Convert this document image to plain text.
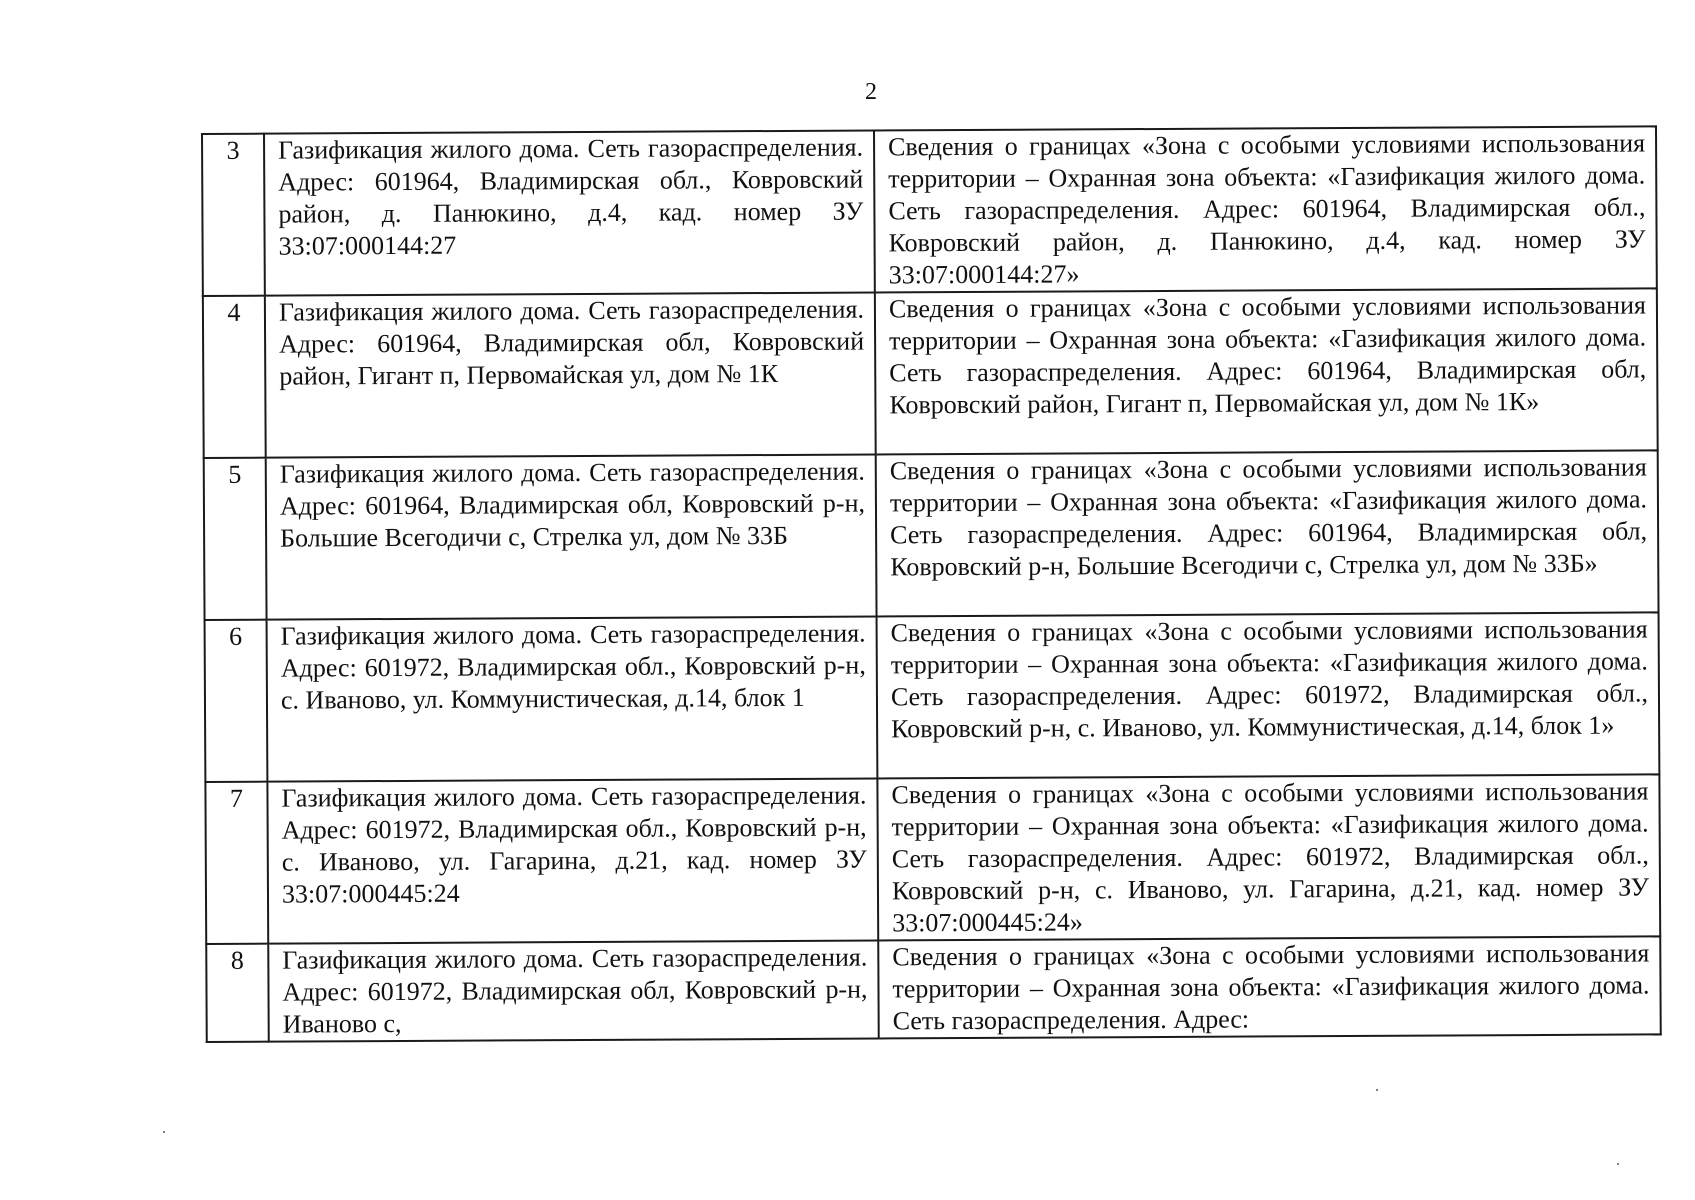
2
3	Газификация жилого дома. Сеть газораспределения. Адрес: 601964, Владимирская обл., Ковровский район, д. Панюкино, д.4, кад. номер ЗУ 33:07:000144:27	Сведения о границах «Зона с особыми условиями использования территории – Охранная зона объекта: «Газификация жилого дома. Сеть газораспределения. Адрес: 601964, Владимирская обл., Ковровский район, д. Панюкино, д.4, кад. номер ЗУ 33:07:000144:27»
4	Газификация жилого дома. Сеть газораспределения. Адрес: 601964, Владимирская обл, Ковровский район, Гигант п, Первомайская ул, дом № 1К	Сведения о границах «Зона с особыми условиями использования территории – Охранная зона объекта: «Газификация жилого дома. Сеть газораспределения. Адрес: 601964, Владимирская обл, Ковровский район, Гигант п, Первомайская ул, дом № 1К»
5	Газификация жилого дома. Сеть газораспределения. Адрес: 601964, Владимирская обл, Ковровский р-н, Большие Всегодичи с, Стрелка ул, дом № 33Б	Сведения о границах «Зона с особыми условиями использования территории – Охранная зона объекта: «Газификация жилого дома. Сеть газораспределения. Адрес: 601964, Владимирская обл, Ковровский р-н, Большие Всегодичи с, Стрелка ул, дом № 33Б»
6	Газификация жилого дома. Сеть газораспределения. Адрес: 601972, Владимирская обл., Ковровский р-н, с. Иваново, ул. Коммунистическая, д.14, блок 1	Сведения о границах «Зона с особыми условиями использования территории – Охранная зона объекта: «Газификация жилого дома. Сеть газораспределения. Адрес: 601972, Владимирская обл., Ковровский р-н, с. Иваново, ул. Коммунистическая, д.14, блок 1»
7	Газификация жилого дома. Сеть газораспределения. Адрес: 601972, Владимирская обл., Ковровский р-н, с. Иваново, ул. Гагарина, д.21, кад. номер ЗУ 33:07:000445:24	Сведения о границах «Зона с особыми условиями использования территории – Охранная зона объекта: «Газификация жилого дома. Сеть газораспределения. Адрес: 601972, Владимирская обл., Ковровский р-н, с. Иваново, ул. Гагарина, д.21, кад. номер ЗУ 33:07:000445:24»
8	Газификация жилого дома. Сеть газораспределения. Адрес: 601972, Владимирская обл, Ковровский р-н, Иваново с,	Сведения о границах «Зона с особыми условиями использования территории – Охранная зона объекта: «Газификация жилого дома. Сеть газораспределения. Адрес:
